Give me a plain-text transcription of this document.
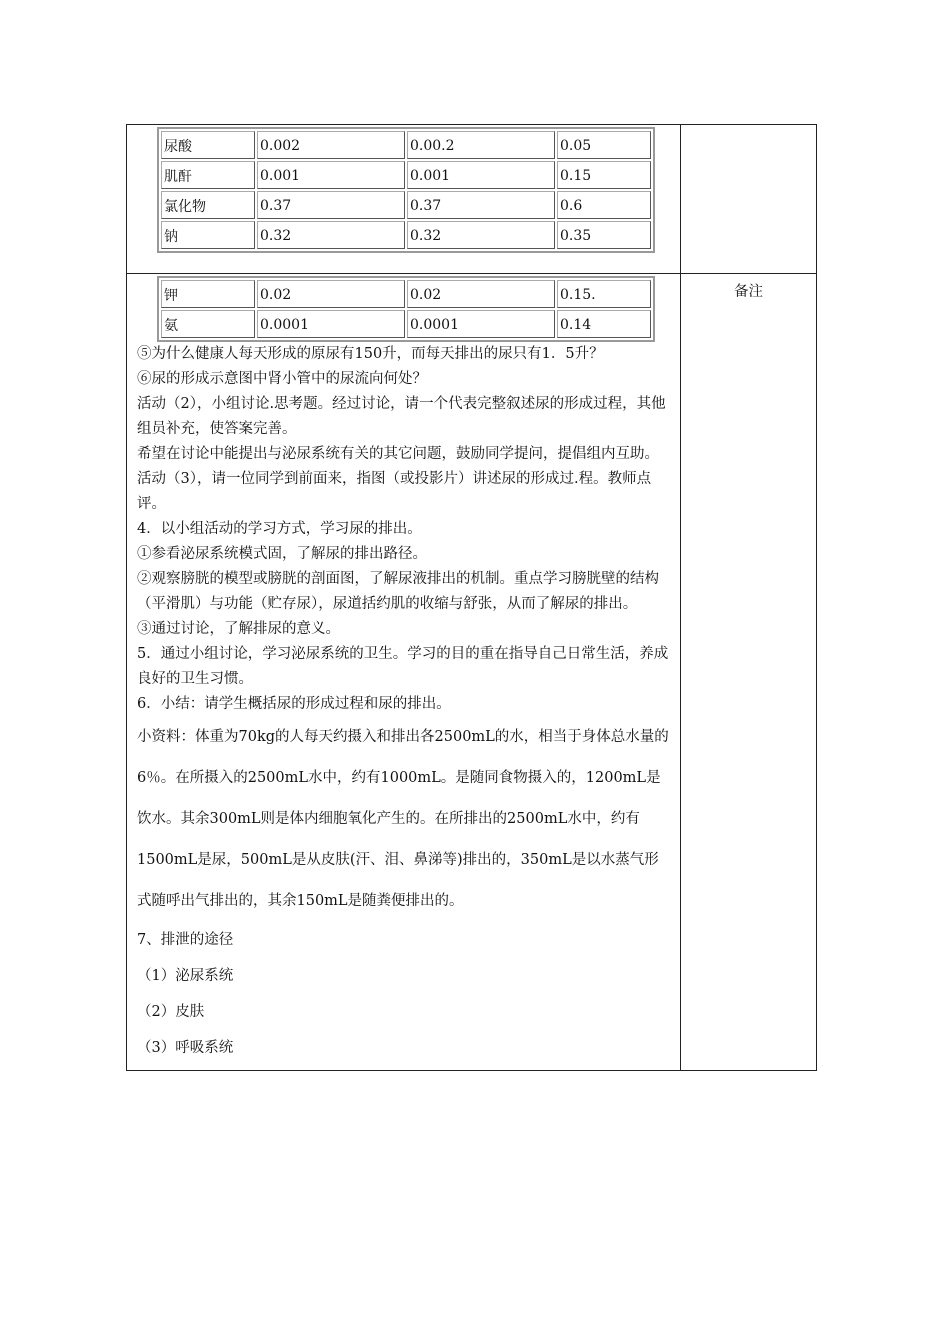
尿酸	0.002	0.00.2	0.05
肌酐	0.001	0.001	0.15
氯化物	0.37	0.37	0.6
钠	0.32	0.32	0.35

钾	0.02	0.02	0.15.
氨	0.0001	0.0001	0.14

⑤为什么健康人每天形成的原尿有150升，而每天排出的尿只有1．5升？

⑥尿的形成示意图中肾小管中的尿流向何处？

活动（2），小组讨论.思考题。经过讨论，请一个代表完整叙述尿的形成过程，其他组员补充，使答案完善。

希望在讨论中能提出与泌尿系统有关的其它问题，鼓励同学提问，提倡组内互助。

活动（3），请一位同学到前面来，指图（或投影片）讲述尿的形成过.程。教师点评。

4．以小组活动的学习方式，学习尿的排出。

①参看泌尿系统模式固，了解尿的排出路径。

②观察膀胱的模型或膀胱的剖面图，了解尿液排出的机制。重点学习膀胱壁的结构（平滑肌）与功能（贮存尿），尿道括约肌的收缩与舒张，从而了解尿的排出。

③通过讨论，了解排尿的意义。

5．通过小组讨论，学习泌尿系统的卫生。学习的目的重在指导自己日常生活，养成良好的卫生习惯。

6．小结：请学生概括尿的形成过程和尿的排出。

小资料：体重为70kg的人每天约摄入和排出各2500mL的水，相当于身体总水量的6％。在所摄入的2500mL水中，约有1000mL。是随同食物摄入的，1200mL是饮水。其余300mL则是体内细胞氧化产生的。在所排出的2500mL水中，约有1500mL是尿，500mL是从皮肤(汗、泪、鼻涕等)排出的，350mL是以水蒸气形式随呼出气排出的，其余150mL是随粪便排出的。

7、排泄的途径

（1）泌尿系统

（2）皮肤

（3）呼吸系统

备注
